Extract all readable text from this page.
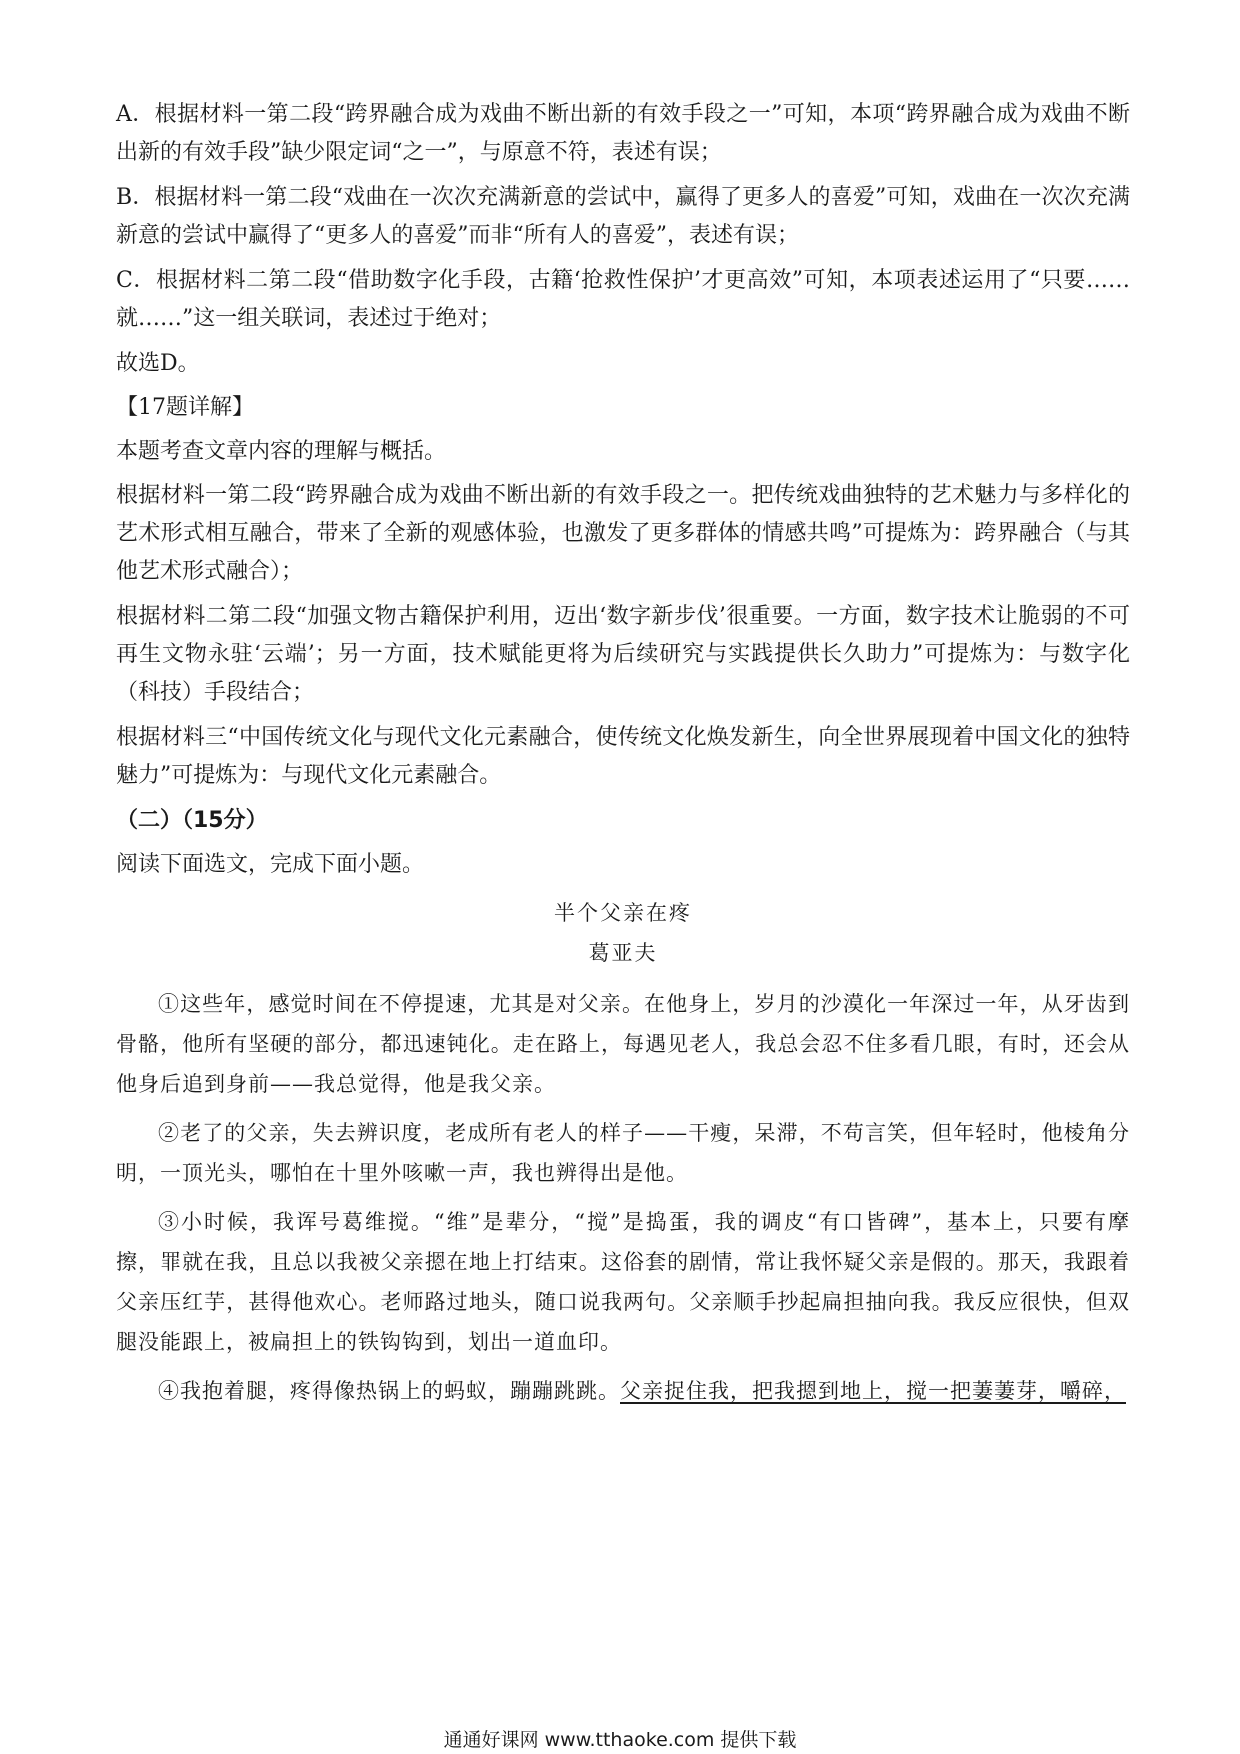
A．根据材料一第二段“跨界融合成为戏曲不断出新的有效手段之一”可知，本项“跨界融合成为戏曲不断出新的有效手段”缺少限定词“之一”，与原意不符，表述有误；

B．根据材料一第二段“戏曲在一次次充满新意的尝试中，赢得了更多人的喜爱”可知，戏曲在一次次充满新意的尝试中赢得了“更多人的喜爱”而非“所有人的喜爱”，表述有误；

C．根据材料二第二段“借助数字化手段，古籍‘抢救性保护’才更高效”可知，本项表述运用了“只要……就……”这一组关联词，表述过于绝对；

故选D。

【17题详解】

本题考查文章内容的理解与概括。

根据材料一第二段“跨界融合成为戏曲不断出新的有效手段之一。把传统戏曲独特的艺术魅力与多样化的艺术形式相互融合，带来了全新的观感体验，也激发了更多群体的情感共鸣”可提炼为：跨界融合（与其他艺术形式融合）；

根据材料二第二段“加强文物古籍保护利用，迈出‘数字新步伐’很重要。一方面，数字技术让脆弱的不可再生文物永驻‘云端’；另一方面，技术赋能更将为后续研究与实践提供长久助力”可提炼为：与数字化（科技）手段结合；

根据材料三“中国传统文化与现代文化元素融合，使传统文化焕发新生，向全世界展现着中国文化的独特魅力”可提炼为：与现代文化元素融合。

（二）（15分）

阅读下面选文，完成下面小题。

半个父亲在疼
葛亚夫

①这些年，感觉时间在不停提速，尤其是对父亲。在他身上，岁月的沙漠化一年深过一年，从牙齿到骨骼，他所有坚硬的部分，都迅速钝化。走在路上，每遇见老人，我总会忍不住多看几眼，有时，还会从他身后追到身前——我总觉得，他是我父亲。

②老了的父亲，失去辨识度，老成所有老人的样子——干瘦，呆滞，不苟言笑，但年轻时，他棱角分明，一顶光头，哪怕在十里外咳嗽一声，我也辨得出是他。

③小时候，我诨号葛维搅。“维”是辈分，“搅”是捣蛋，我的调皮“有口皆碑”，基本上，只要有摩擦，罪就在我，且总以我被父亲摁在地上打结束。这俗套的剧情，常让我怀疑父亲是假的。那天，我跟着父亲压红芋，甚得他欢心。老师路过地头，随口说我两句。父亲顺手抄起扁担抽向我。我反应很快，但双腿没能跟上，被扁担上的铁钩钩到，划出一道血印。

④我抱着腿，疼得像热锅上的蚂蚁，蹦蹦跳跳。父亲捉住我，把我摁到地上，搅一把萋萋芽，嚼碎，

通通好课网 www.tthaoke.com 提供下载
